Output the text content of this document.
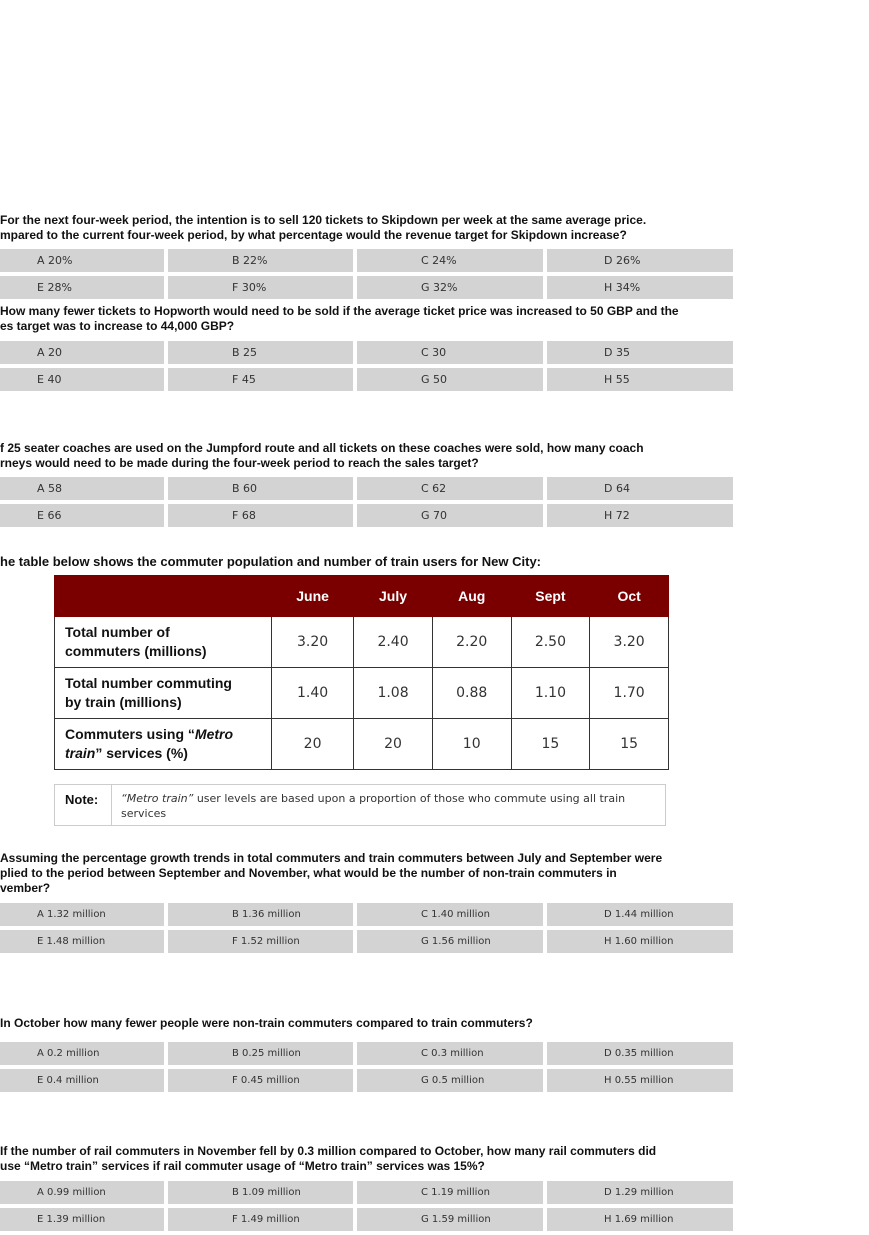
For the next four-week period, the intention is to sell 120 tickets to Skipdown per week at the same average price.
mpared to the current four-week period, by what percentage would the revenue target for Skipdown increase?
A 20%	B 22%	C 24%	D 26%
E 28%	F 30%	G 32%	H 34%
How many fewer tickets to Hopworth would need to be sold if the average ticket price was increased to 50 GBP and the
es target was to increase to 44,000 GBP?
A 20	B 25	C 30	D 35
E 40	F 45	G 50	H 55
f 25 seater coaches are used on the Jumpford route and all tickets on these coaches were sold, how many coach
rneys would need to be made during the four-week period to reach the sales target?
A 58	B 60	C 62	D 64
E 66	F 68	G 70	H 72
he table below shows the commuter population and number of train users for New City:
	June	July	Aug	Sept	Oct
Total number of
commuters (millions)	3.20	2.40	2.20	2.50	3.20
Total number commuting
by train (millions)	1.40	1.08	0.88	1.10	1.70
Commuters using “Metro
train” services (%)	20	20	10	15	15
Note:	“Metro train” user levels are based upon a proportion of those who commute using all train services
Assuming the percentage growth trends in total commuters and train commuters between July and September were
plied to the period between September and November, what would be the number of non-train commuters in
vember?
A 1.32 million	B 1.36 million	C 1.40 million	D 1.44 million
E 1.48 million	F 1.52 million	G 1.56 million	H 1.60 million
In October how many fewer people were non-train commuters compared to train commuters?
A 0.2 million	B 0.25 million	C 0.3 million	D 0.35 million
E 0.4 million	F 0.45 million	G 0.5 million	H 0.55 million
If the number of rail commuters in November fell by 0.3 million compared to October, how many rail commuters did
use “Metro train” services if rail commuter usage of “Metro train” services was 15%?
A 0.99 million	B 1.09 million	C 1.19 million	D 1.29 million
E 1.39 million	F 1.49 million	G 1.59 million	H 1.69 million
